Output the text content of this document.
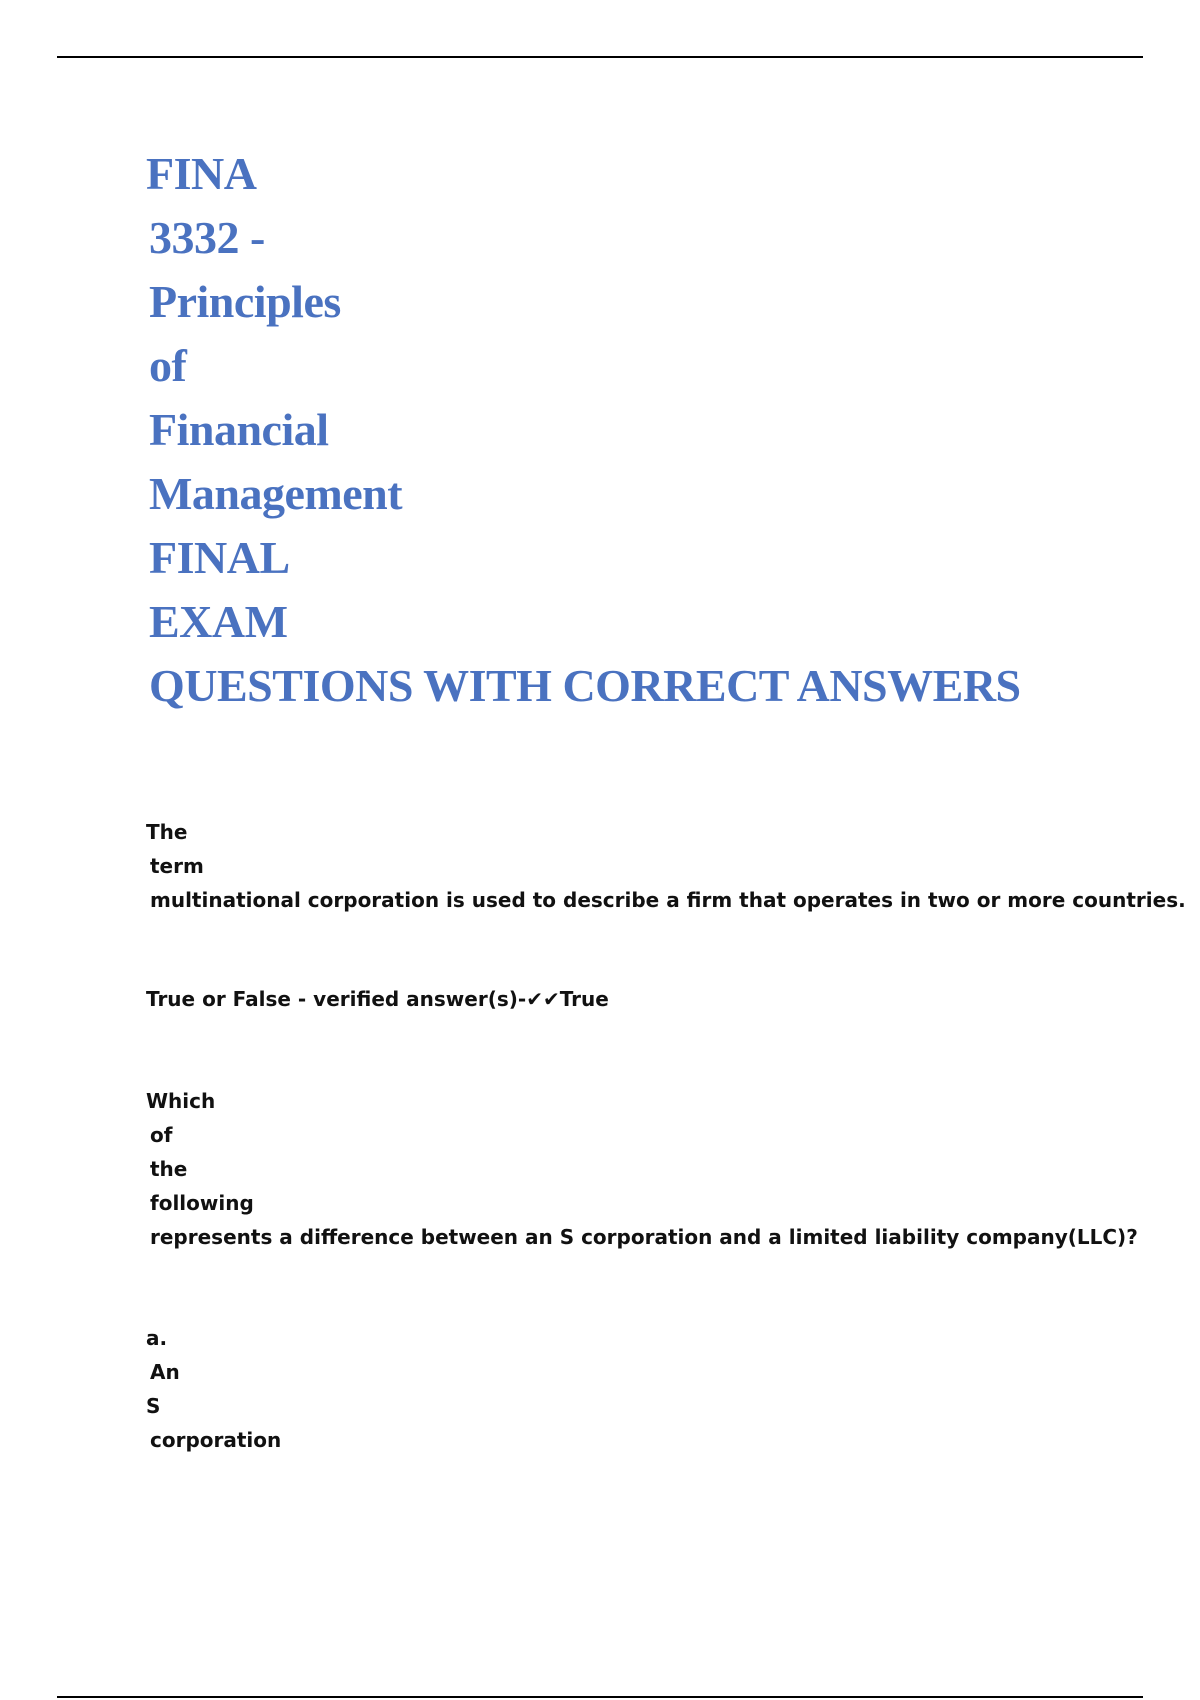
FINA
3332 -
Principles
of
Financial
Management
FINAL
EXAM
QUESTIONS WITH CORRECT ANSWERS
The
term
multinational corporation is used to describe a firm that operates in two or more countries.
True or False - verified answer(s)-✔✔True
Which
of
the
following
represents a difference between an S corporation and a limited liability company(LLC)?
a.
An
S
corporation
